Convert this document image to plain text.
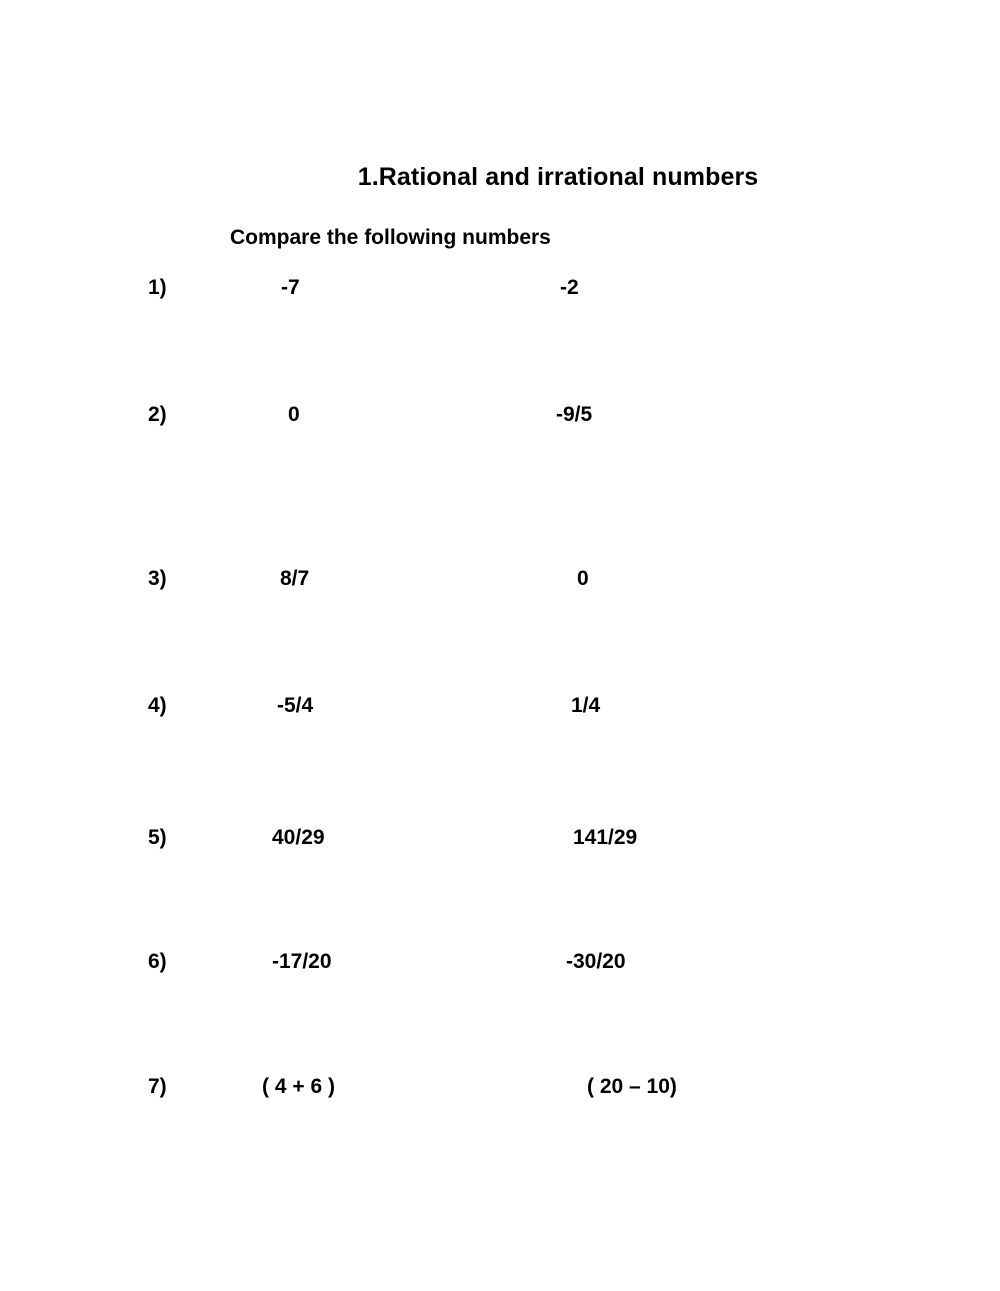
1.Rational and irrational numbers
Compare the following numbers
1)	-7	-2
2)	0	-9/5
3)	8/7	0
4)	-5/4	1/4
5)	40/29	141/29
6)	-17/20	-30/20
7)	( 4 + 6 )	( 20 – 10)
